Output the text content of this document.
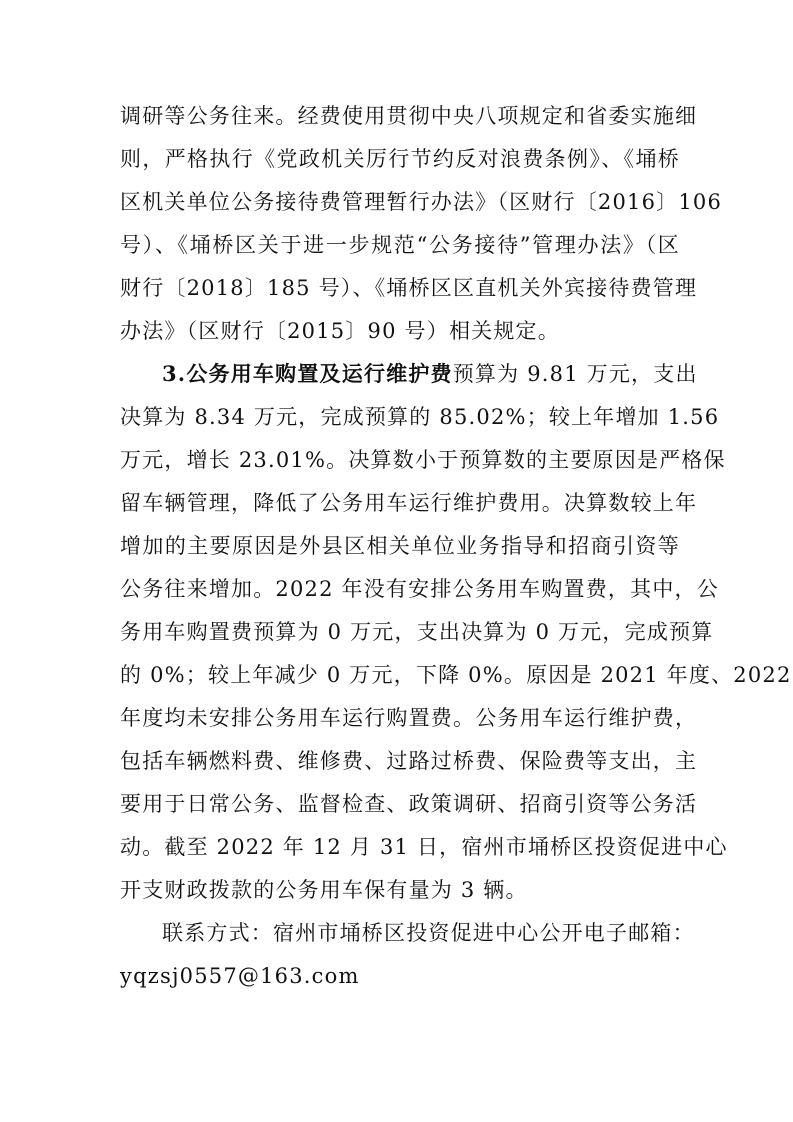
调研等公务往来。经费使用贯彻中央八项规定和省委实施细
则，严格执行《党政机关厉行节约反对浪费条例》、《埇桥
区机关单位公务接待费管理暂行办法》（区财行〔2016〕106
号）、《埇桥区关于进一步规范“公务接待”管理办法》（区
财行〔2018〕185 号）、《埇桥区区直机关外宾接待费管理
办法》（区财行〔2015〕90 号）相关规定。
3.公务用车购置及运行维护费预算为 9.81 万元，支出
决算为 8.34 万元，完成预算的 85.02%；较上年增加 1.56
万元，增长 23.01%。决算数小于预算数的主要原因是严格保
留车辆管理，降低了公务用车运行维护费用。决算数较上年
增加的主要原因是外县区相关单位业务指导和招商引资等
公务往来增加。2022 年没有安排公务用车购置费，其中，公
务用车购置费预算为 0 万元，支出决算为 0 万元，完成预算
的 0%；较上年减少 0 万元，下降 0%。原因是 2021 年度、2022
年度均未安排公务用车运行购置费。公务用车运行维护费，
包括车辆燃料费、维修费、过路过桥费、保险费等支出，主
要用于日常公务、监督检查、政策调研、招商引资等公务活
动。截至 2022 年 12 月 31 日，宿州市埇桥区投资促进中心
开支财政拨款的公务用车保有量为 3 辆。
联系方式：宿州市埇桥区投资促进中心公开电子邮箱：
yqzsj0557@163.com
